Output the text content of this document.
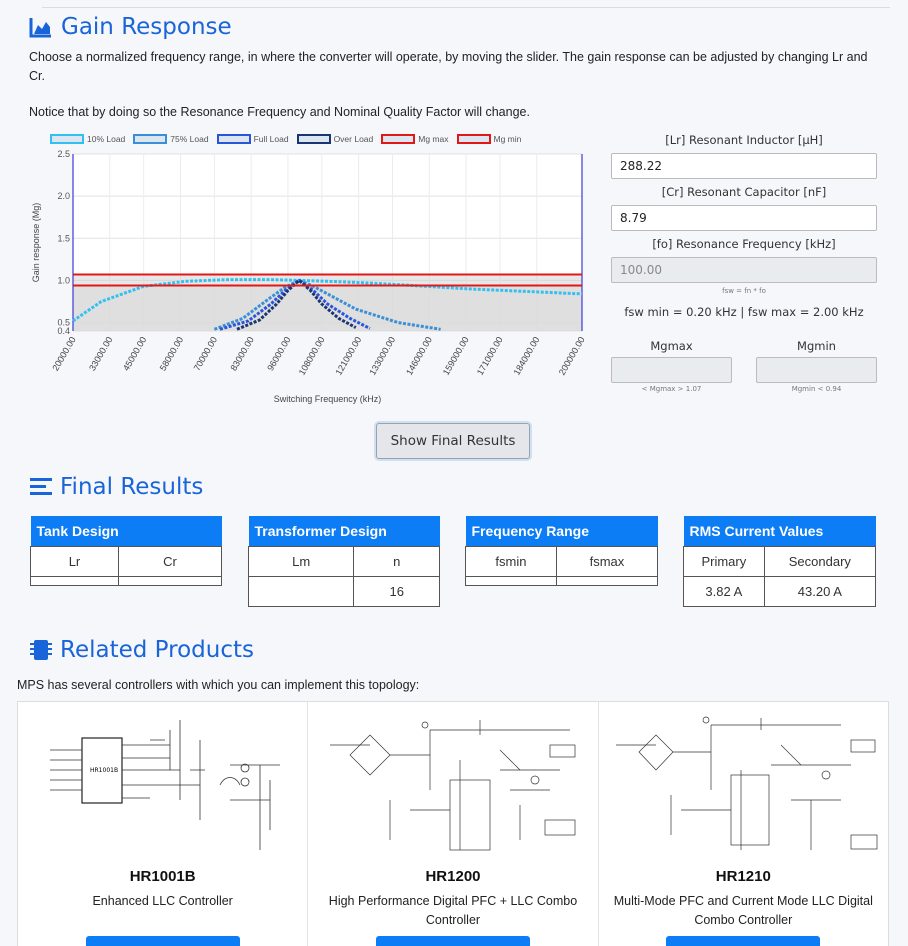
Gain Response
Choose a normalized frequency range, in where the converter will operate, by moving the slider. The gain response can be adjusted by changing Lr and Cr.
Notice that by doing so the Resonance Frequency and Nominal Quality Factor will change.
0.4
0.5
1.0
1.5
2.0
2.5
20000.00 33000.00 45000.00 58000.00 70000.00 83000.00 96000.00 108000.00 121000.00 133000.00 146000.00 159000.00 171000.00 184000.00 200000.00
Switching Frequency (kHz)
Gain response (Mg)
10% Load	75% Load	Full Load	Over Load	Mg max	Mg min	[Lr] Resonant Inductor [µH]
288.22
[Cr] Resonant Capacitor [nF]
8.79
[fo] Resonance Frequency [kHz]
100.00
fsw = fn * fo
fsw min = 0.20 kHz | fsw max = 2.00 kHz
Mgmax
< Mgmax > 1.07
Mgmin
Mgmin < 0.94
Show Final Results
Final Results
Tank Design	
Lr	Cr

Transformer Design	
Lm	n
	16
Frequency Range	
fsmin	fsmax

RMS Current Values	
Primary	Secondary
3.82 A	43.20 A
Related Products
MPS has several controllers with which you can implement this topology:
HR1001B
HR1001B
Enhanced LLC Controller
HR1200
High Performance Digital PFC + LLC Combo Controller
HR1210
Multi-Mode PFC and Current Mode LLC Digital Combo Controller
